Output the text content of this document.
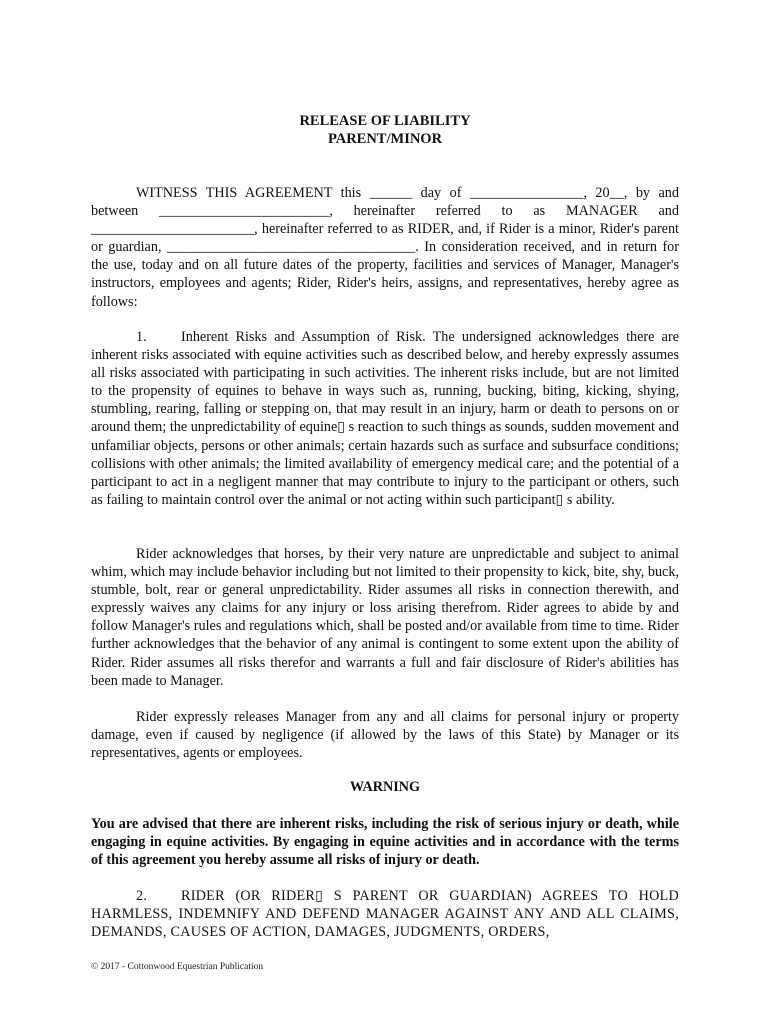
RELEASE OF LIABILITY
PARENT/MINOR

WITNESS THIS AGREEMENT this ______ day of ________________, 20__, by and between ________________________, hereinafter referred to as MANAGER and _______________________, hereinafter referred to as RIDER, and, if Rider is a minor, Rider's parent or guardian, ___________________________________. In consideration received, and in return for the use, today and on all future dates of the property, facilities and services of Manager, Manager's instructors, employees and agents; Rider, Rider's heirs, assigns, and representatives, hereby agree as follows:

1. Inherent Risks and Assumption of Risk. The undersigned acknowledges there are inherent risks associated with equine activities such as described below, and hereby expressly assumes all risks associated with participating in such activities. The inherent risks include, but are not limited to the propensity of equines to behave in ways such as, running, bucking, biting, kicking, shying, stumbling, rearing, falling or stepping on, that may result in an injury, harm or death to persons on or around them; the unpredictability of equine▯ s reaction to such things as sounds, sudden movement and unfamiliar objects, persons or other animals; certain hazards such as surface and subsurface conditions; collisions with other animals; the limited availability of emergency medical care; and the potential of a participant to act in a negligent manner that may contribute to injury to the participant or others, such as failing to maintain control over the animal or not acting within such participant▯ s ability.

Rider acknowledges that horses, by their very nature are unpredictable and subject to animal whim, which may include behavior including but not limited to their propensity to kick, bite, shy, buck, stumble, bolt, rear or general unpredictability. Rider assumes all risks in connection therewith, and expressly waives any claims for any injury or loss arising therefrom. Rider agrees to abide by and follow Manager's rules and regulations which, shall be posted and/or available from time to time. Rider further acknowledges that the behavior of any animal is contingent to some extent upon the ability of Rider. Rider assumes all risks therefor and warrants a full and fair disclosure of Rider's abilities has been made to Manager.

Rider expressly releases Manager from any and all claims for personal injury or property damage, even if caused by negligence (if allowed by the laws of this State) by Manager or its representatives, agents or employees.

WARNING

You are advised that there are inherent risks, including the risk of serious injury or death, while engaging in equine activities. By engaging in equine activities and in accordance with the terms of this agreement you hereby assume all risks of injury or death.

2. RIDER (OR RIDER▯ S PARENT OR GUARDIAN) AGREES TO HOLD HARMLESS, INDEMNIFY AND DEFEND MANAGER AGAINST ANY AND ALL CLAIMS, DEMANDS, CAUSES OF ACTION, DAMAGES, JUDGMENTS, ORDERS,

© 2017 - Cottonwood Equestrian Publication
